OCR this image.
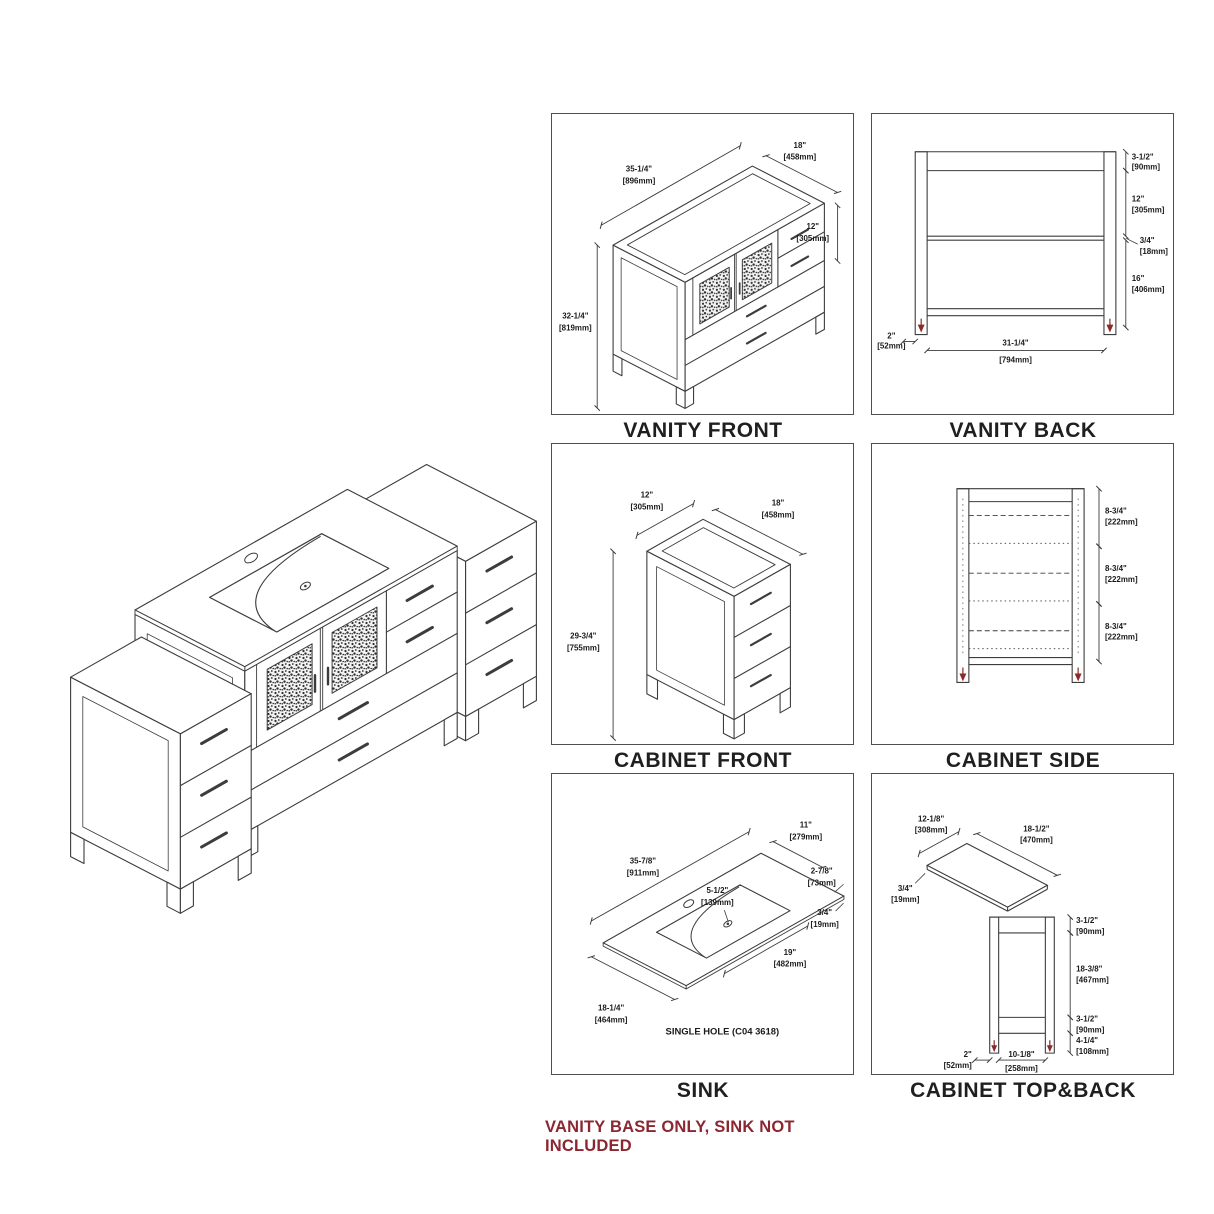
35-1/4"
[896mm]
18"
[458mm]
32-1/4"
[819mm]
12"
[305mm]
VANITY FRONT
3-1/2"
[90mm]
12"
[305mm]
3/4"
[18mm]
16"
[406mm]
2"
[52mm]	31-1/4"
[794mm]
VANITY BACK
12"
[305mm]	18"
[458mm]
29-3/4"
[755mm]
CABINET FRONT
8-3/4"
[222mm]
8-3/4"
[222mm]
8-3/4"
[222mm]
CABINET SIDE
35-7/8"
[911mm]
11"
[279mm]
2-7/8"
[73mm]
3/4"
[19mm]
5-1/2"
[139mm]
19"
[482mm]
18-1/4"
[464mm]
SINGLE HOLE (C04 3618)
SINK
12-1/8"
[308mm]	18-1/2"
[470mm]
3/4"
[19mm]
3-1/2"
[90mm]
18-3/8"
[467mm]
3-1/2"
[90mm]
4-1/4"
[108mm]
2"
[52mm]
10-1/8"
[258mm]
CABINET TOP&BACK
VANITY BASE ONLY, SINK NOT INCLUDED
